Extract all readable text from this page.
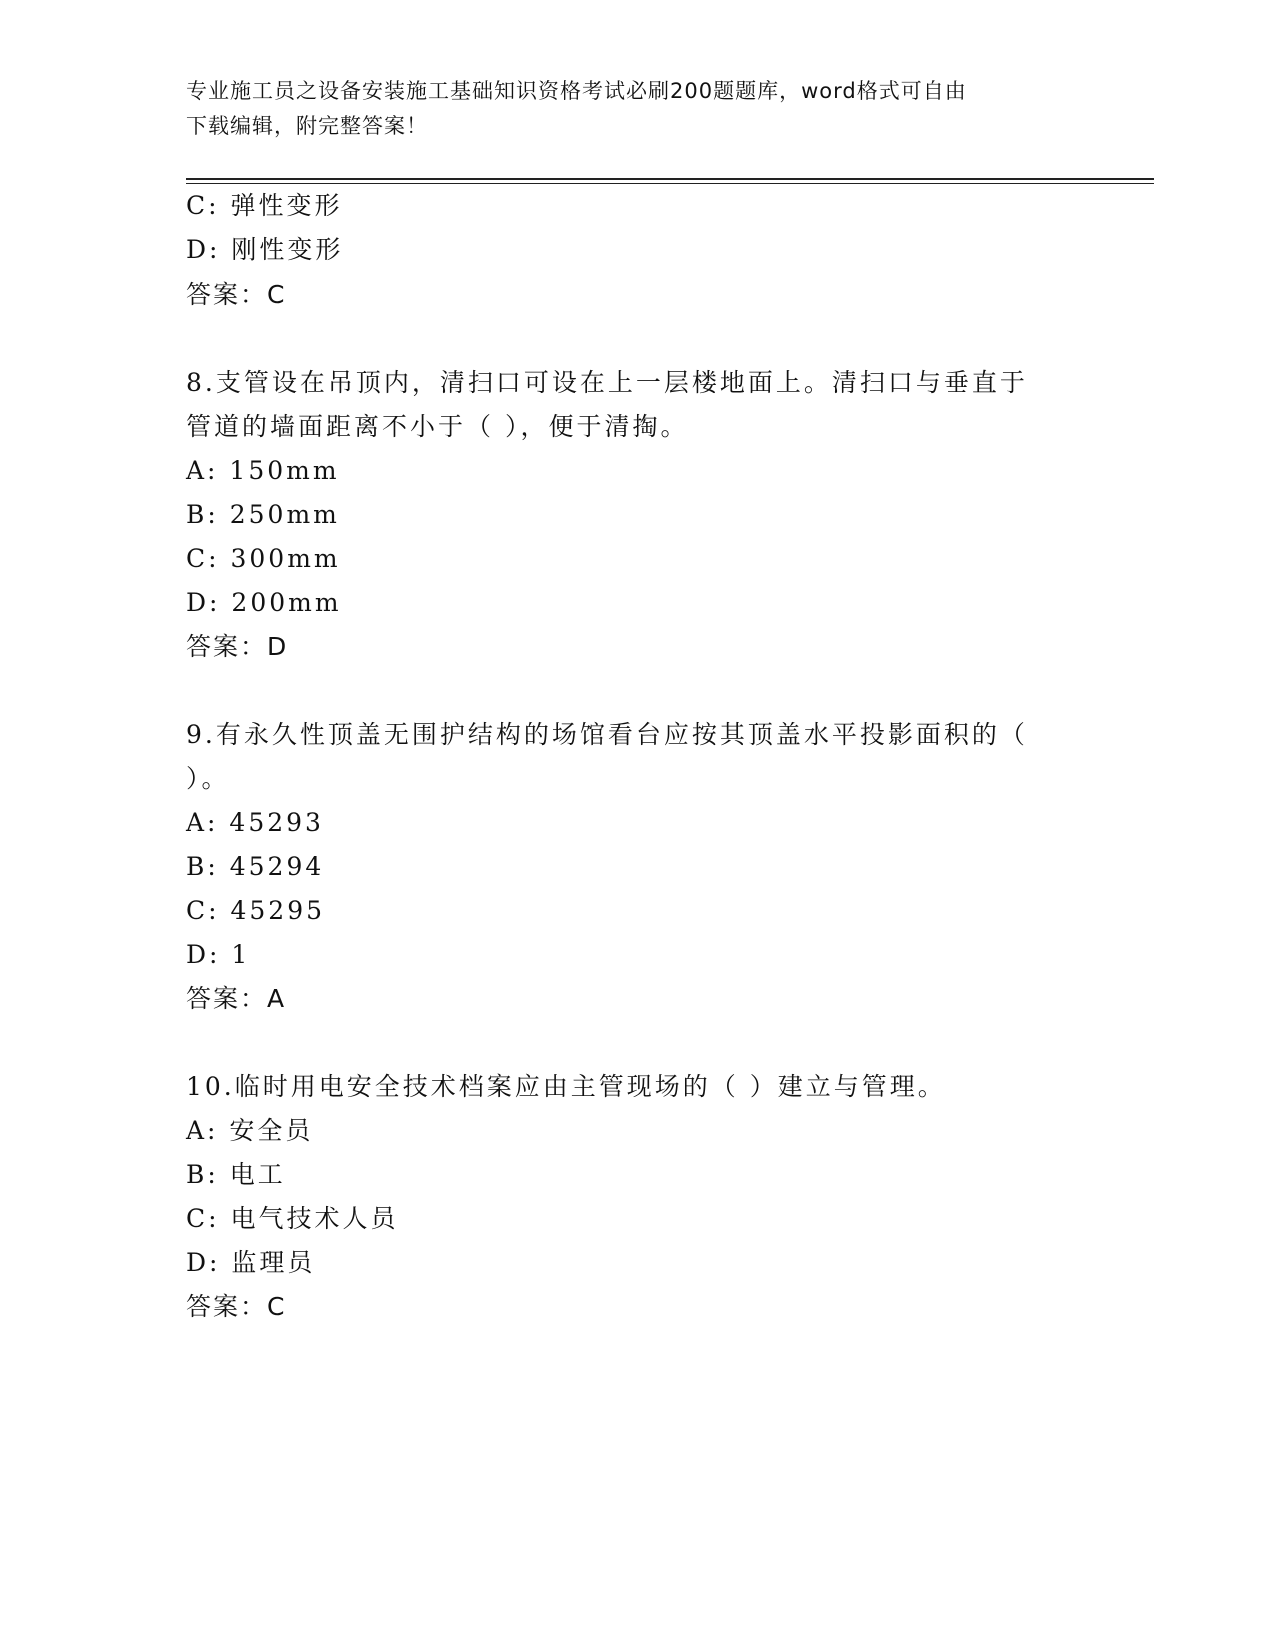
专业施工员之设备安装施工基础知识资格考试必刷200题题库，word格式可自由
下载编辑，附完整答案！
C: 弹性变形
D: 刚性变形
答案：C
8.支管设在吊顶内，清扫口可设在上一层楼地面上。清扫口与垂直于
管道的墙面距离不小于（ ），便于清掏。
A: 150mm
B: 250mm
C: 300mm
D: 200mm
答案：D
9.有永久性顶盖无围护结构的场馆看台应按其顶盖水平投影面积的（
）。
A: 45293
B: 45294
C: 45295
D: 1
答案：A
10.临时用电安全技术档案应由主管现场的（ ）建立与管理。
A: 安全员
B: 电工
C: 电气技术人员
D: 监理员
答案：C
